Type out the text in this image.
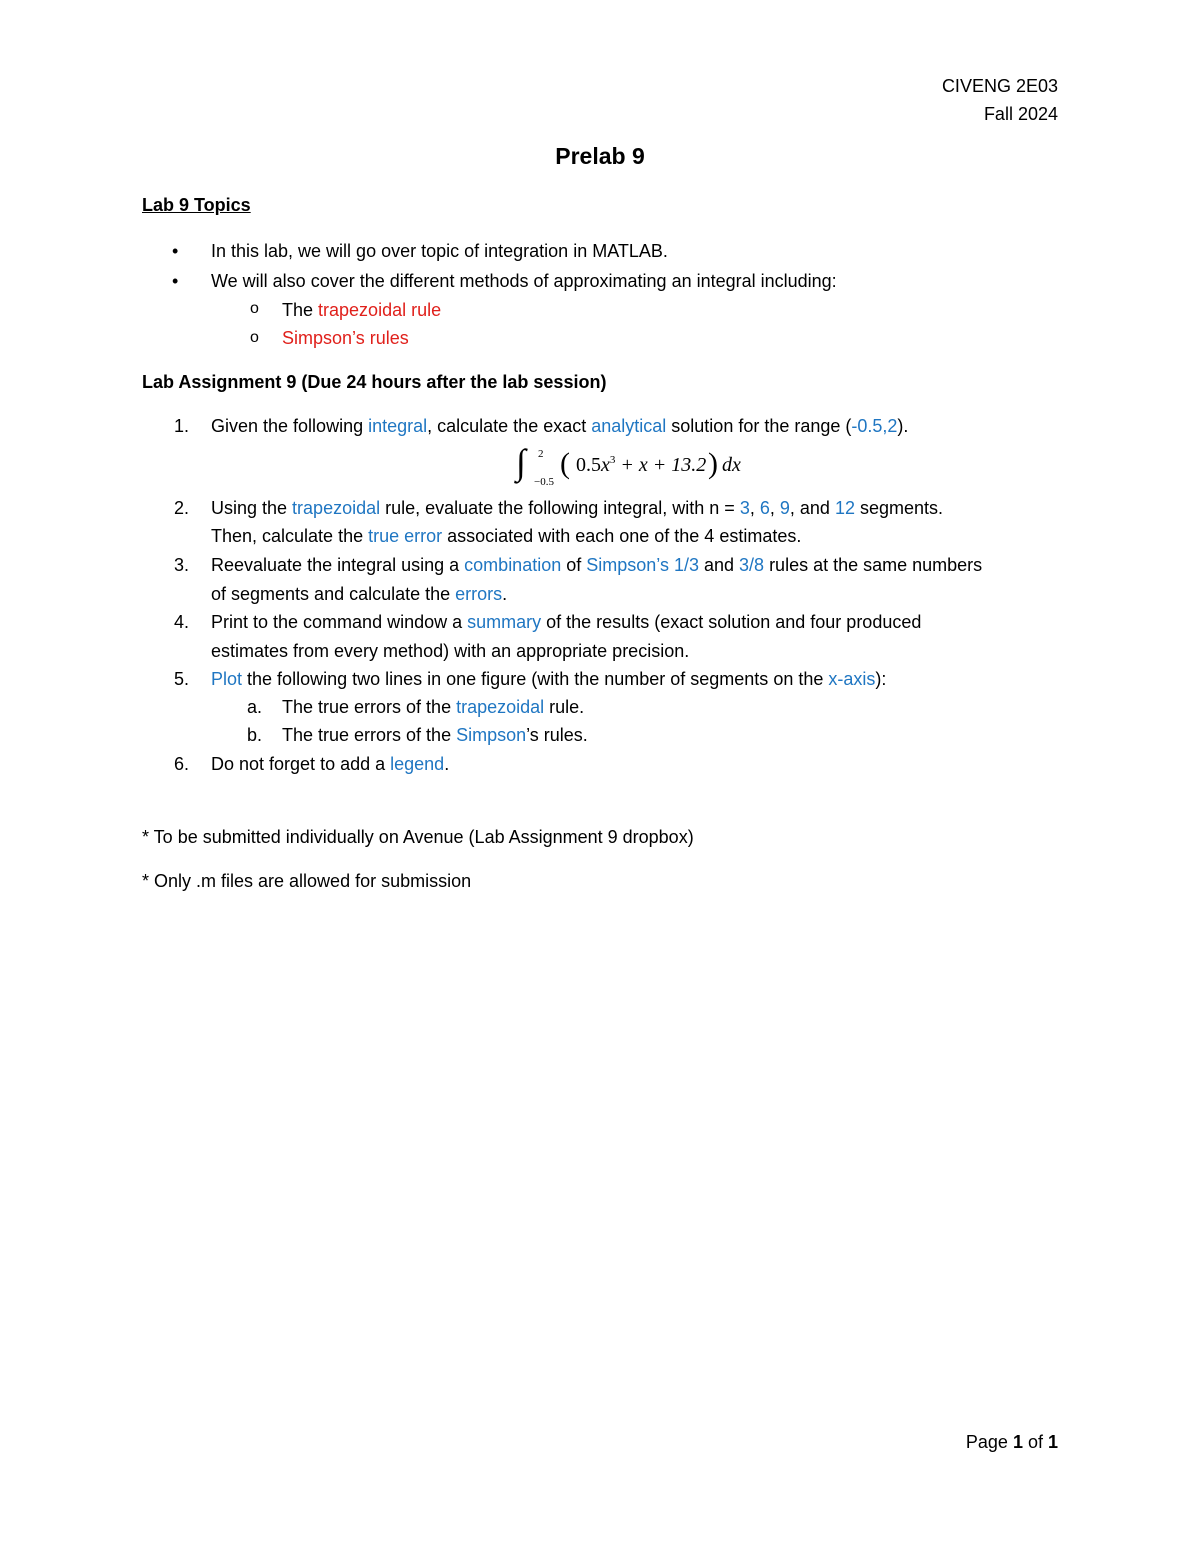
CIVENG 2E03
Fall 2024
Prelab 9
Lab 9 Topics
• In this lab, we will go over topic of integration in MATLAB.
• We will also cover the different methods of approximating an integral including:
o The trapezoidal rule
o Simpson’s rules
Lab Assignment 9 (Due 24 hours after the lab session)
1. Given the following integral, calculate the exact analytical solution for the range (-0.5,2).
∫ 2
−0.5
( $0.5x^3 + x + 13.2$ ) dx
2. Using the trapezoidal rule, evaluate the following integral, with n = 3, 6, 9, and 12 segments.
Then, calculate the true error associated with each one of the 4 estimates.
3. Reevaluate the integral using a combination of Simpson’s 1/3 and 3/8 rules at the same numbers
of segments and calculate the errors.
4. Print to the command window a summary of the results (exact solution and four produced
estimates from every method) with an appropriate precision.
5. Plot the following two lines in one figure (with the number of segments on the x-axis):
a. The true errors of the trapezoidal rule.
b. The true errors of the Simpson’s rules.
6. Do not forget to add a legend.
* To be submitted individually on Avenue (Lab Assignment 9 dropbox)
* Only .m files are allowed for submission
Page 1 of 1
